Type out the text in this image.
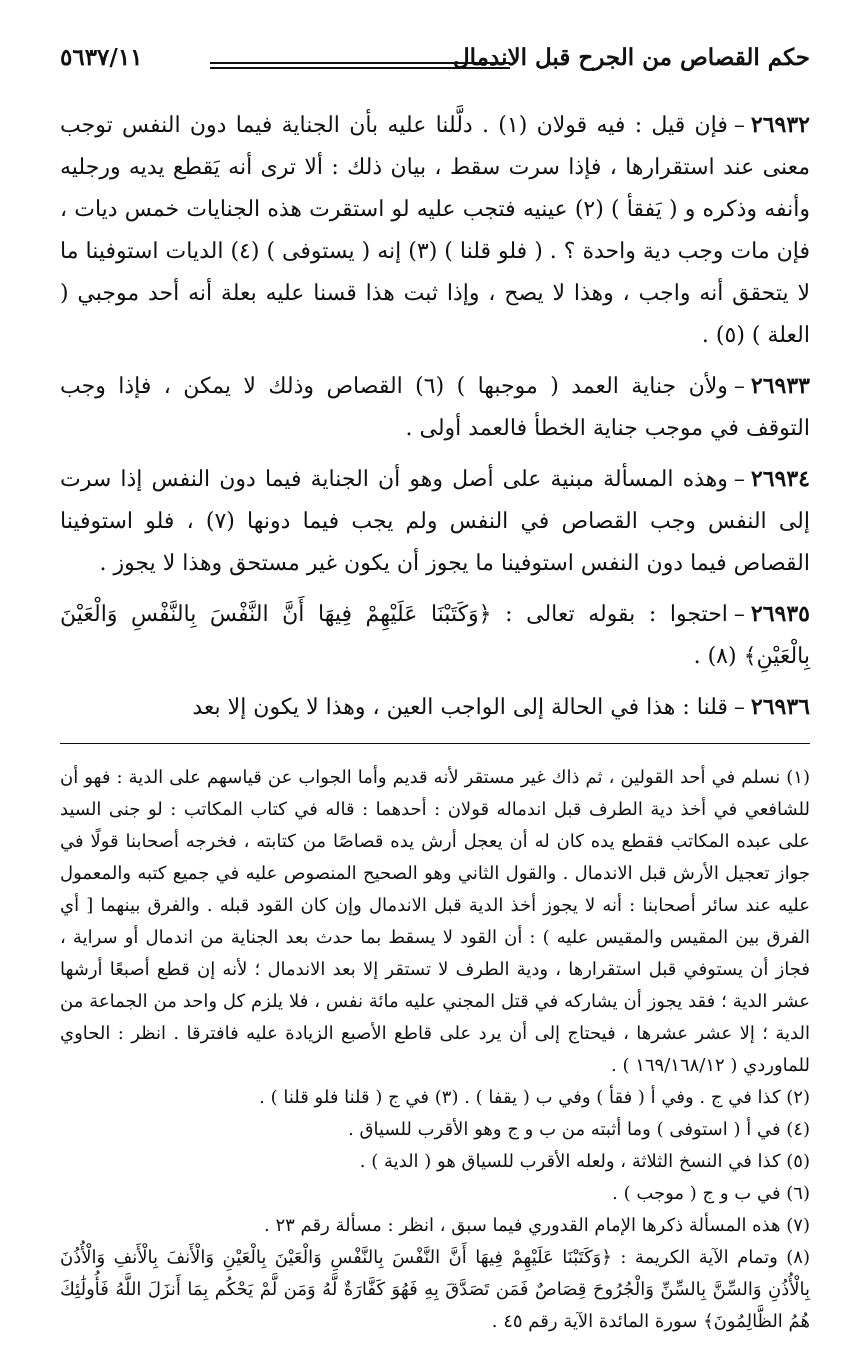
حكم القصاص من الجرح قبل الاندمال
٥٦٣٧/١١

٢٦٩٣٢–فإن قيل : فيه قولان (١) . دلَّلنا عليه بأن الجناية فيما دون النفس توجب معنى عند استقرارها ، فإذا سرت سقط ، بيان ذلك : ألا ترى أنه يَقطع يديه ورجليه وأنفه وذكره و ( يَفقأ ) (٢) عينيه فتجب عليه لو استقرت هذه الجنايات خمس ديات ، فإن مات وجب دية واحدة ؟ . ( فلو قلنا ) (٣) إنه ( يستوفى ) (٤) الديات استوفينا ما لا يتحقق أنه واجب ، وهذا لا يصح ، وإذا ثبت هذا قسنا عليه بعلة أنه أحد موجبي ( العلة ) (٥) .

٢٦٩٣٣–ولأن جناية العمد ( موجبها ) (٦) القصاص وذلك لا يمكن ، فإذا وجب التوقف في موجب جناية الخطأ فالعمد أولى .

٢٦٩٣٤–وهذه المسألة مبنية على أصل وهو أن الجناية فيما دون النفس إذا سرت إلى النفس وجب القصاص في النفس ولم يجب فيما دونها (٧) ، فلو استوفينا القصاص فيما دون النفس استوفينا ما يجوز أن يكون غير مستحق وهذا لا يجوز .

٢٦٩٣٥–احتجوا : بقوله تعالى : ﴿وَكَتَبْنَا عَلَيْهِمْ فِيهَا أَنَّ النَّفْسَ بِالنَّفْسِ وَالْعَيْنَ بِالْعَيْنِ﴾ (٨) .

٢٦٩٣٦–قلنا : هذا في الحالة إلى الواجب العين ، وهذا لا يكون إلا بعد

(١) نسلم في أحد القولين ، ثم ذاك غير مستقر لأنه قديم وأما الجواب عن قياسهم على الدية : فهو أن للشافعي في أخذ دية الطرف قبل اندماله قولان : أحدهما : قاله في كتاب المكاتب : لو جنى السيد على عبده المكاتب فقطع يده كان له أن يعجل أرش يده قصاصًا من كتابته ، فخرجه أصحابنا قولًا في جواز تعجيل الأرش قبل الاندمال . والقول الثاني وهو الصحيح المنصوص عليه في جميع كتبه والمعمول عليه عند سائر أصحابنا : أنه لا يجوز أخذ الدية قبل الاندمال وإن كان القود قبله . والفرق بينهما [ أي الفرق بين المقيس والمقيس عليه ) : أن القود لا يسقط بما حدث بعد الجناية من اندمال أو سراية ، فجاز أن يستوفي قبل استقرارها ، ودية الطرف لا تستقر إلا بعد الاندمال ؛ لأنه إن قطع أصبعًا أرشها عشر الدية ؛ فقد يجوز أن يشاركه في قتل المجني عليه مائة نفس ، فلا يلزم كل واحد من الجماعة من الدية ؛ إلا عشر عشرها ، فيحتاج إلى أن يرد على قاطع الأصبع الزيادة عليه فافترقا . انظر : الحاوي للماوردي ( ١٦٩/١٦٨/١٢ ) .

(٢) كذا في ج . وفي أ ( فقأ ) وفي ب ( يقفا ) . (٣) في ج ( قلنا فلو قلنا ) .

(٤) في أ ( استوفى ) وما أثبته من ب و ج وهو الأقرب للسياق .

(٥) كذا في النسخ الثلاثة ، ولعله الأقرب للسياق هو ( الدية ) .

(٦) في ب و ج ( موجب ) .

(٧) هذه المسألة ذكرها الإمام القدوري فيما سبق ، انظر : مسألة رقم ٢٣ .

(٨) وتمام الآية الكريمة : ﴿وَكَتَبْنَا عَلَيْهِمْ فِيهَا أَنَّ النَّفْسَ بِالنَّفْسِ وَالْعَيْنَ بِالْعَيْنِ وَالْأَنفَ بِالْأَنفِ وَالْأُذُنَ بِالْأُذُنِ وَالسِّنَّ بِالسِّنِّ وَالْجُرُوحَ قِصَاصٌ فَمَن تَصَدَّقَ بِهِ فَهُوَ كَفَّارَةٌ لَّهُ وَمَن لَّمْ يَحْكُم بِمَا أَنزَلَ اللَّهُ فَأُولَٰئِكَ هُمُ الظَّالِمُونَ﴾ سورة المائدة الآية رقم ٤٥ .
